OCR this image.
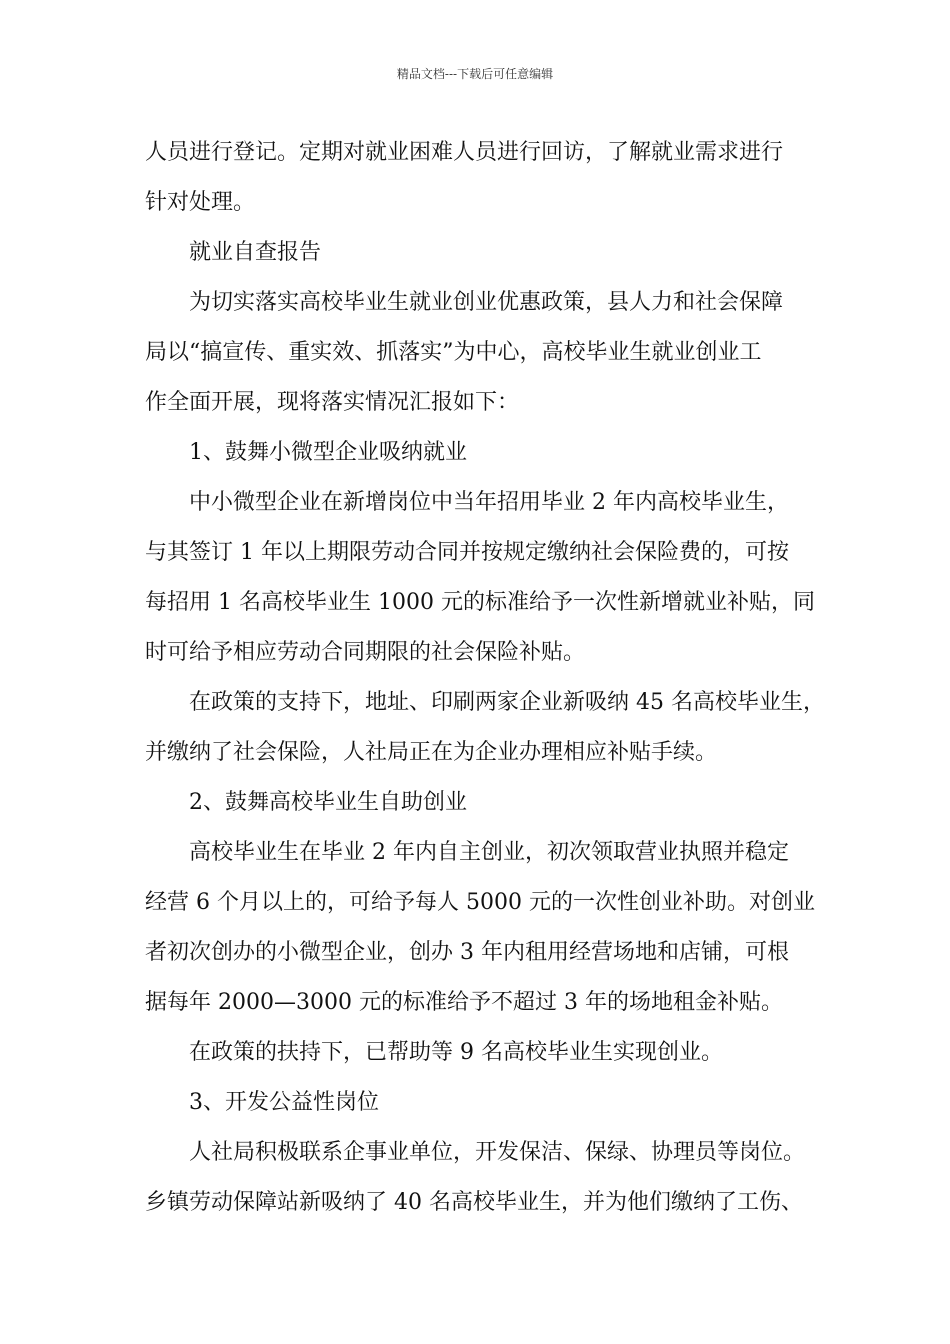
精品文档---下载后可任意编辑
人员进行登记。定期对就业困难人员进行回访，了解就业需求进行
针对处理。
就业自查报告
为切实落实高校毕业生就业创业优惠政策，县人力和社会保障
局以“搞宣传、重实效、抓落实”为中心，高校毕业生就业创业工
作全面开展，现将落实情况汇报如下：
1、鼓舞小微型企业吸纳就业
中小微型企业在新增岗位中当年招用毕业 2 年内高校毕业生，
与其签订 1 年以上期限劳动合同并按规定缴纳社会保险费的，可按
每招用 1 名高校毕业生 1000 元的标准给予一次性新增就业补贴，同
时可给予相应劳动合同期限的社会保险补贴。
在政策的支持下，地址、印刷两家企业新吸纳 45 名高校毕业生，
并缴纳了社会保险，人社局正在为企业办理相应补贴手续。
2、鼓舞高校毕业生自助创业
高校毕业生在毕业 2 年内自主创业，初次领取营业执照并稳定
经营 6 个月以上的，可给予每人 5000 元的一次性创业补助。对创业
者初次创办的小微型企业，创办 3 年内租用经营场地和店铺，可根
据每年 2000—3000 元的标准给予不超过 3 年的场地租金补贴。
在政策的扶持下，已帮助等 9 名高校毕业生实现创业。
3、开发公益性岗位
人社局积极联系企事业单位，开发保洁、保绿、协理员等岗位。
乡镇劳动保障站新吸纳了 40 名高校毕业生，并为他们缴纳了工伤、
